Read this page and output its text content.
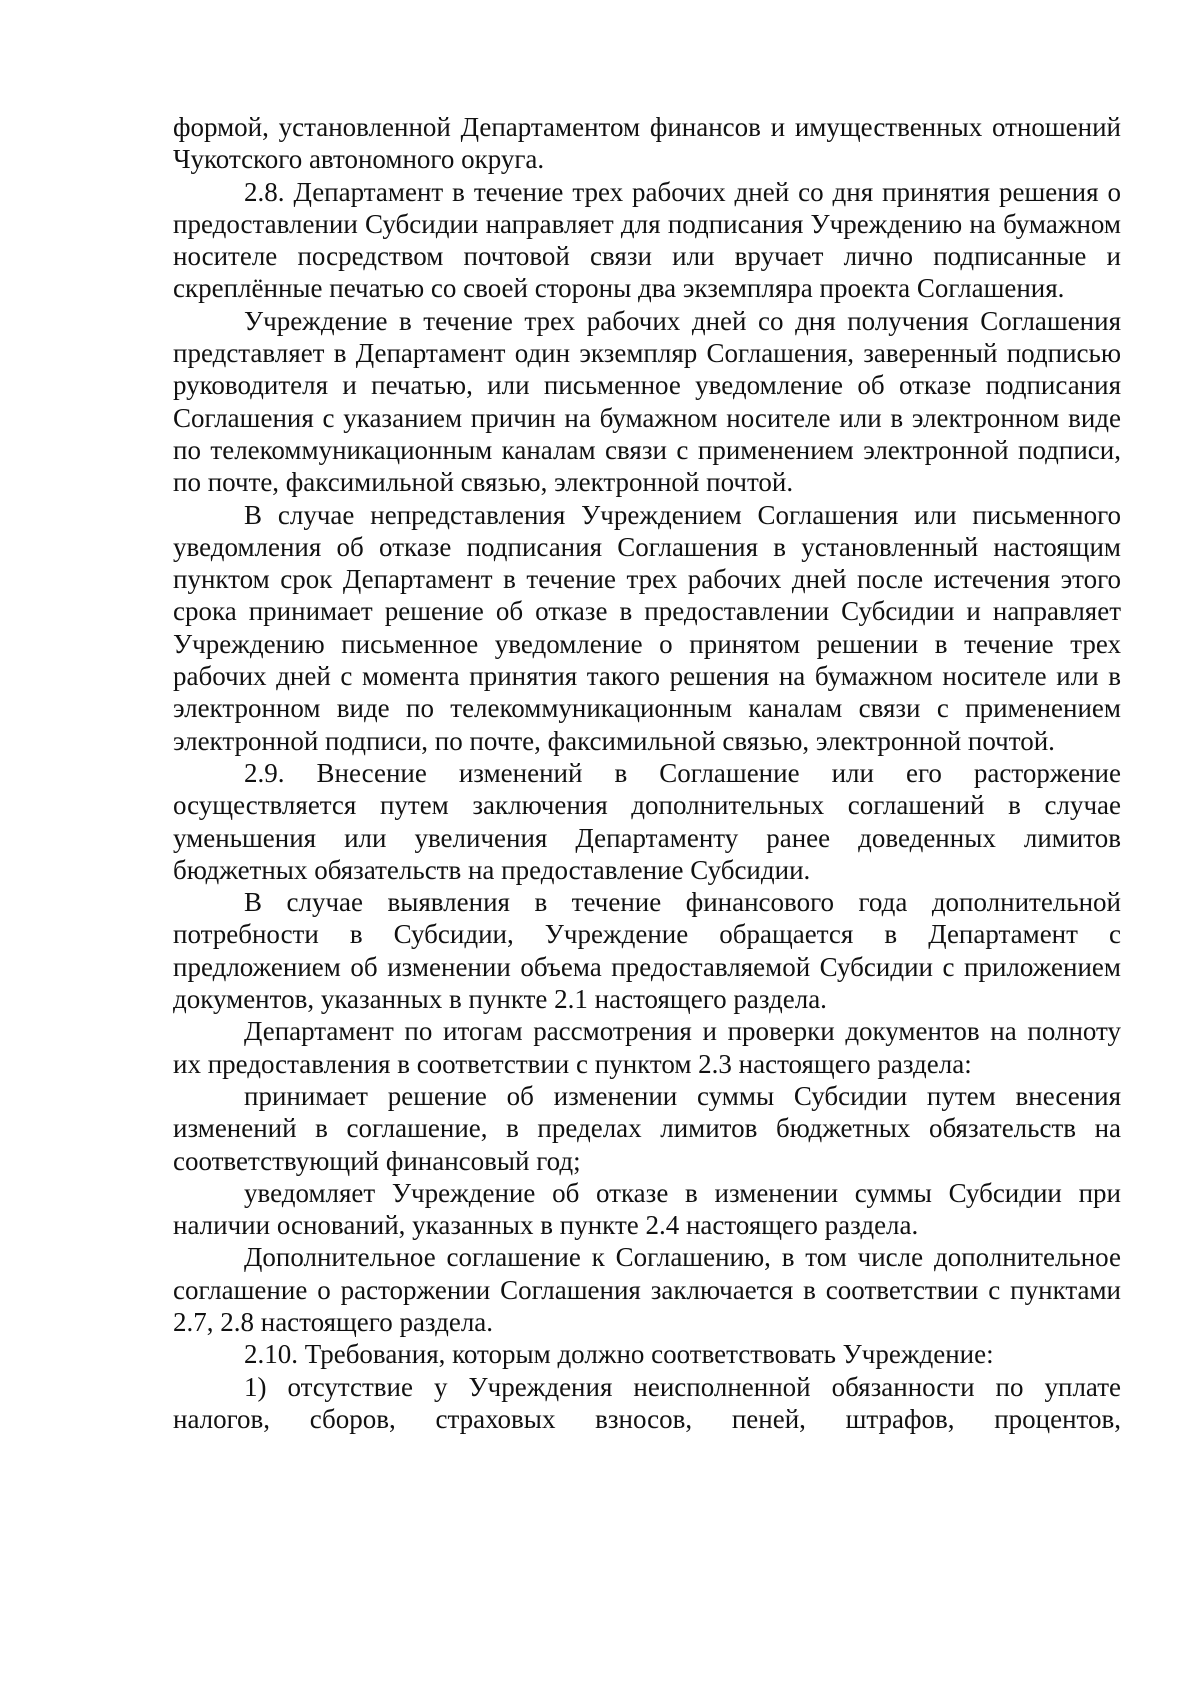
формой, установленной Департаментом финансов и имущественных отношений Чукотского автономного округа.

2.8. Департамент в течение трех рабочих дней со дня принятия решения о предоставлении Субсидии направляет для подписания Учреждению на бумажном носителе посредством почтовой связи или вручает лично подписанные и скреплённые печатью со своей стороны два экземпляра проекта Соглашения.

Учреждение в течение трех рабочих дней со дня получения Соглашения представляет в Департамент один экземпляр Соглашения, заверенный подписью руководителя и печатью, или письменное уведомление об отказе подписания Соглашения с указанием причин на бумажном носителе или в электронном виде по телекоммуникационным каналам связи с применением электронной подписи, по почте, факсимильной связью, электронной почтой.

В случае непредставления Учреждением Соглашения или письменного уведомления об отказе подписания Соглашения в установленный настоящим пунктом срок Департамент в течение трех рабочих дней после истечения этого срока принимает решение об отказе в предоставлении Субсидии и направляет Учреждению письменное уведомление о принятом решении в течение трех рабочих дней с момента принятия такого решения на бумажном носителе или в электронном виде по телекоммуникационным каналам связи с применением электронной подписи, по почте, факсимильной связью, электронной почтой.

2.9. Внесение изменений в Соглашение или его расторжение осуществляется путем заключения дополнительных соглашений в случае уменьшения или увеличения Департаменту ранее доведенных лимитов бюджетных обязательств на предоставление Субсидии.

В случае выявления в течение финансового года дополнительной потребности в Субсидии, Учреждение обращается в Департамент с предложением об изменении объема предоставляемой Субсидии с приложением документов, указанных в пункте 2.1 настоящего раздела.

Департамент по итогам рассмотрения и проверки документов на полноту их предоставления в соответствии с пунктом 2.3 настоящего раздела:

принимает решение об изменении суммы Субсидии путем внесения изменений в соглашение, в пределах лимитов бюджетных обязательств на соответствующий финансовый год;

уведомляет Учреждение об отказе в изменении суммы Субсидии при наличии оснований, указанных в пункте 2.4 настоящего раздела.

Дополнительное соглашение к Соглашению, в том числе дополнительное соглашение о расторжении Соглашения заключается в соответствии с пунктами 2.7, 2.8 настоящего раздела.

2.10. Требования, которым должно соответствовать Учреждение:

1) отсутствие у Учреждения неисполненной обязанности по уплате налогов, сборов, страховых взносов, пеней, штрафов, процентов,
